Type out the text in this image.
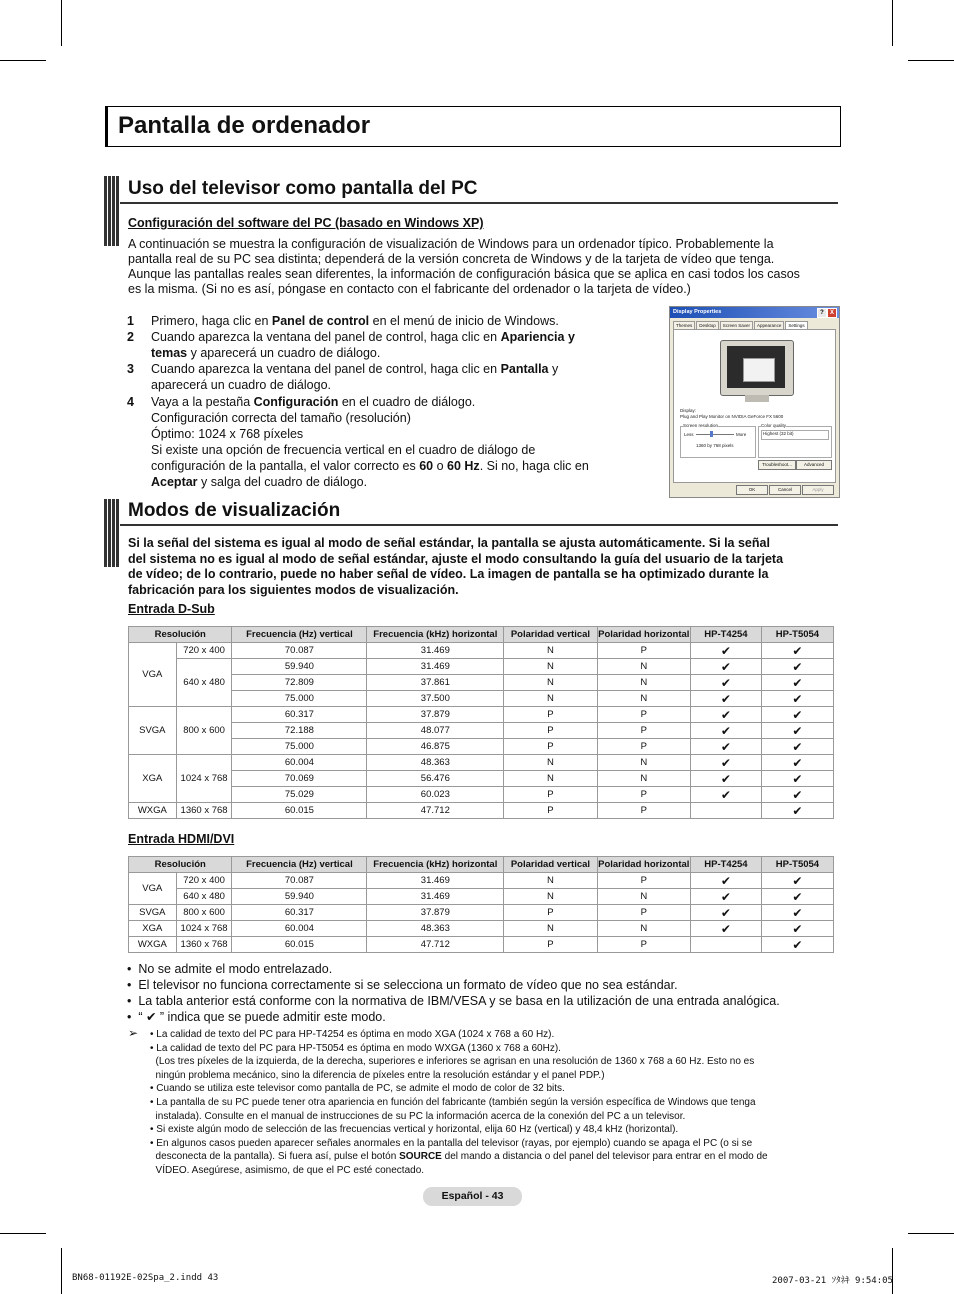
Pantalla de ordenador
Uso del televisor como pantalla del PC
Configuración del software del PC (basado en Windows XP)
A continuación se muestra la configuración de visualización de Windows para un ordenador típico. Probablemente la
pantalla real de su PC sea distinta; dependerá de la versión concreta de Windows y de la tarjeta de vídeo que tenga.
Aunque las pantallas reales sean diferentes, la información de configuración básica que se aplica en casi todos los casos
es la misma. (Si no es así, póngase en contacto con el fabricante del ordenador o la tarjeta de vídeo.)
1 Primero, haga clic en Panel de control en el menú de inicio de Windows.
2 Cuando aparezca la ventana del panel de control, haga clic en Apariencia y
temas y aparecerá un cuadro de diálogo.
3 Cuando aparezca la ventana del panel de control, haga clic en Pantalla y
aparecerá un cuadro de diálogo.
4 Vaya a la pestaña Configuración en el cuadro de diálogo.
Configuración correcta del tamaño (resolución)
Óptimo: 1024 x 768 píxeles
Si existe una opción de frecuencia vertical en el cuadro de diálogo de
configuración de la pantalla, el valor correcto es 60 o 60 Hz. Si no, haga clic en
Aceptar y salga del cuadro de diálogo.
Display Properties	?	X
Themes	Desktop	Screen Saver	Appearance	Settings
Display:
Plug and Play Monitor on NVIDIA GeForce FX 5600
Screen resolution
Less	More
1360 by 768 pixels
Color quality
Highest (32 bit)
Troubleshoot...	Advanced
OK	Cancel	Apply
Modos de visualización
Si la señal del sistema es igual al modo de señal estándar, la pantalla se ajusta automáticamente. Si la señal
del sistema no es igual al modo de señal estándar, ajuste el modo consultando la guía del usuario de la tarjeta
de vídeo; de lo contrario, puede no haber señal de vídeo. La imagen de pantalla se ha optimizado durante la
fabricación para los siguientes modos de visualización.
Entrada D-Sub
Resolución		Frecuencia (Hz) vertical	Frecuencia (kHz) horizontal	Polaridad vertical	Polaridad horizontal	HP-T4254	HP-T5054
VGA	720 x 400	70.087	31.469	N	P	✔	✔
	640 x 480	59.940	31.469	N	N	✔	✔
		72.809	37.861	N	N	✔	✔
		75.000	37.500	N	N	✔	✔
SVGA	800 x 600	60.317	37.879	P	P	✔	✔
		72.188	48.077	P	P	✔	✔
		75.000	46.875	P	P	✔	✔
XGA	1024 x 768	60.004	48.363	N	N	✔	✔
		70.069	56.476	N	N	✔	✔
		75.029	60.023	P	P	✔	✔
WXGA	1360 x 768	60.015	47.712	P	P		✔
Entrada HDMI/DVI
Resolución		Frecuencia (Hz) vertical	Frecuencia (kHz) horizontal	Polaridad vertical	Polaridad horizontal	HP-T4254	HP-T5054
VGA	720 x 400	70.087	31.469	N	P	✔	✔
	640 x 480	59.940	31.469	N	N	✔	✔
SVGA	800 x 600	60.317	37.879	P	P	✔	✔
XGA	1024 x 768	60.004	48.363	N	N	✔	✔
WXGA	1360 x 768	60.015	47.712	P	P		✔
•  No se admite el modo entrelazado.
•  El televisor no funciona correctamente si se selecciona un formato de vídeo que no sea estándar.
•  La tabla anterior está conforme con la normativa de IBM/VESA y se basa en la utilización de una entrada analógica.
•  “ ✔ ” indica que se puede admitir este modo.
➢ • La calidad de texto del PC para HP-T4254 es óptima en modo XGA (1024 x 768 a 60 Hz).
• La calidad de texto del PC para HP-T5054 es óptima en modo WXGA (1360 x 768 a 60Hz).
(Los tres píxeles de la izquierda, de la derecha, superiores e inferiores se agrisan en una resolución de 1360 x 768 a 60 Hz. Esto no es
ningún problema mecánico, sino la diferencia de píxeles entre la resolución estándar y el panel PDP.)
• Cuando se utiliza este televisor como pantalla de PC, se admite el modo de color de 32 bits.
• La pantalla de su PC puede tener otra apariencia en función del fabricante (también según la versión específica de Windows que tenga
instalada). Consulte en el manual de instrucciones de su PC la información acerca de la conexión del PC a un televisor.
• Si existe algún modo de selección de las frecuencias vertical y horizontal, elija 60 Hz (vertical) y 48,4 kHz (horizontal).
• En algunos casos pueden aparecer señales anormales en la pantalla del televisor (rayas, por ejemplo) cuando se apaga el PC (o si se
desconecta de la pantalla). Si fuera así, pulse el botón SOURCE del mando a distancia o del panel del televisor para entrar en el modo de
VÍDEO. Asegúrese, asimismo, de que el PC esté conectado.
Español - 43
BN68-01192E-02Spa_2.indd 43	2007-03-21 ｿﾀﾈｷ 9:54:05
